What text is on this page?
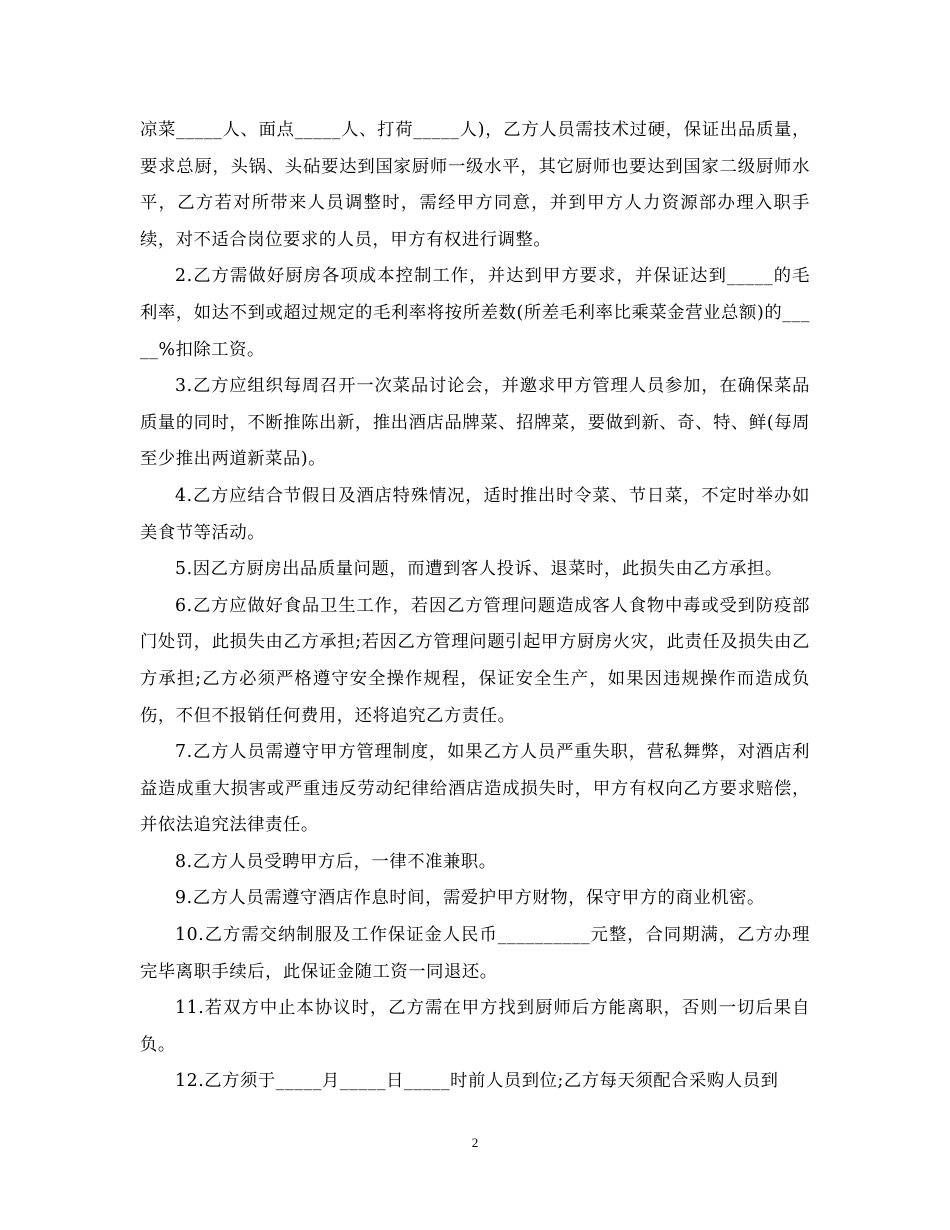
凉菜_____人、面点_____人、打荷_____人)，乙方人员需技术过硬，保证出品质量，要求总厨，头锅、头砧要达到国家厨师一级水平，其它厨师也要达到国家二级厨师水平，乙方若对所带来人员调整时，需经甲方同意，并到甲方人力资源部办理入职手续，对不适合岗位要求的人员，甲方有权进行调整。

2.乙方需做好厨房各项成本控制工作，并达到甲方要求，并保证达到_____的毛利率，如达不到或超过规定的毛利率将按所差数(所差毛利率比乘菜金营业总额)的_____%扣除工资。

3.乙方应组织每周召开一次菜品讨论会，并邀求甲方管理人员参加，在确保菜品质量的同时，不断推陈出新，推出酒店品牌菜、招牌菜，要做到新、奇、特、鲜(每周至少推出两道新菜品)。

4.乙方应结合节假日及酒店特殊情况，适时推出时令菜、节日菜，不定时举办如美食节等活动。

5.因乙方厨房出品质量问题，而遭到客人投诉、退菜时，此损失由乙方承担。

6.乙方应做好食品卫生工作，若因乙方管理问题造成客人食物中毒或受到防疫部门处罚，此损失由乙方承担;若因乙方管理问题引起甲方厨房火灾，此责任及损失由乙方承担;乙方必须严格遵守安全操作规程，保证安全生产，如果因违规操作而造成负伤，不但不报销任何费用，还将追究乙方责任。

7.乙方人员需遵守甲方管理制度，如果乙方人员严重失职，营私舞弊，对酒店利益造成重大损害或严重违反劳动纪律给酒店造成损失时，甲方有权向乙方要求赔偿，并依法追究法律责任。

8.乙方人员受聘甲方后，一律不准兼职。

9.乙方人员需遵守酒店作息时间，需爱护甲方财物，保守甲方的商业机密。

10.乙方需交纳制服及工作保证金人民币__________元整，合同期满，乙方办理完毕离职手续后，此保证金随工资一同退还。

11.若双方中止本协议时，乙方需在甲方找到厨师后方能离职，否则一切后果自负。

12.乙方须于_____月_____日_____时前人员到位;乙方每天须配合采购人员到

2
